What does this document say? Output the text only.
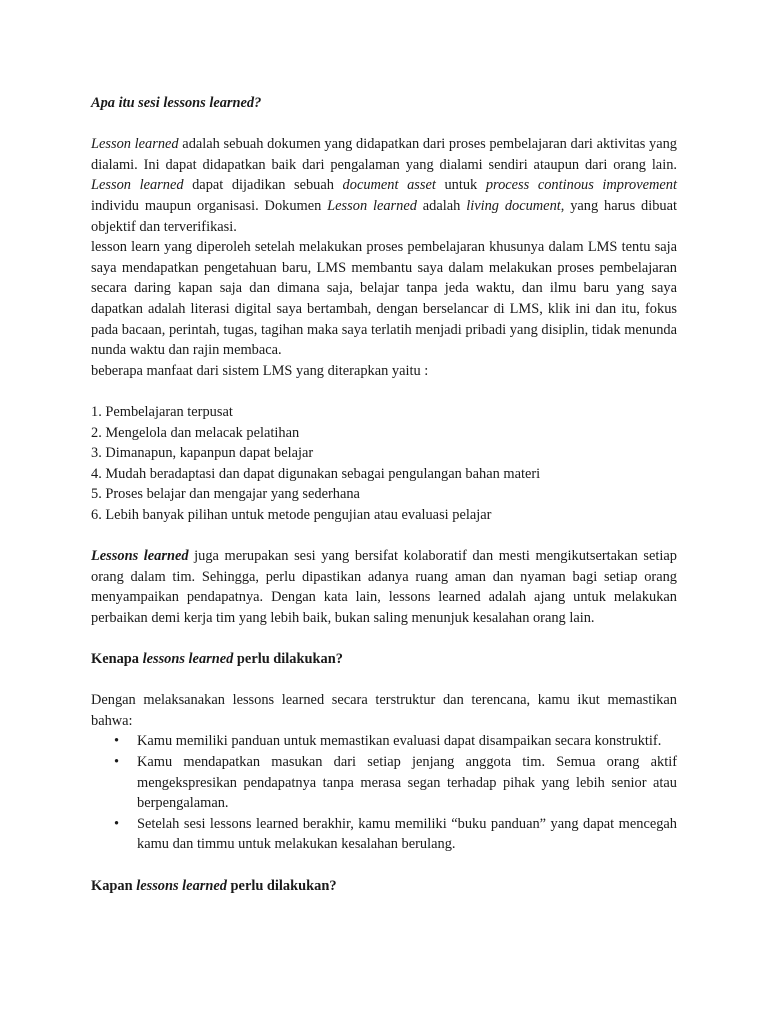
Apa itu sesi lessons learned?

Lesson learned adalah sebuah dokumen yang didapatkan dari proses pembelajaran dari aktivitas yang dialami. Ini dapat didapatkan baik dari pengalaman yang dialami sendiri ataupun dari orang lain. Lesson learned dapat dijadikan sebuah document asset untuk process continous improvement individu maupun organisasi. Dokumen Lesson learned adalah living document, yang harus dibuat objektif dan terverifikasi.

lesson learn yang diperoleh setelah melakukan proses pembelajaran khusunya dalam LMS tentu saja saya mendapatkan pengetahuan baru, LMS membantu saya dalam melakukan proses pembelajaran secara daring kapan saja dan dimana saja, belajar tanpa jeda waktu, dan ilmu baru yang saya dapatkan adalah literasi digital saya bertambah, dengan berselancar di LMS, klik ini dan itu, fokus pada bacaan, perintah, tugas, tagihan maka saya terlatih menjadi pribadi yang disiplin, tidak menunda nunda waktu dan rajin membaca.

beberapa manfaat dari sistem LMS yang diterapkan yaitu :

1. Pembelajaran terpusat
2. Mengelola dan melacak pelatihan
3. Dimanapun, kapanpun dapat belajar
4. Mudah beradaptasi dan dapat digunakan sebagai pengulangan bahan materi
5. Proses belajar dan mengajar yang sederhana
6. Lebih banyak pilihan untuk metode pengujian atau evaluasi pelajar

Lessons learned juga merupakan sesi yang bersifat kolaboratif dan mesti mengikutsertakan setiap orang dalam tim. Sehingga, perlu dipastikan adanya ruang aman dan nyaman bagi setiap orang menyampaikan pendapatnya. Dengan kata lain, lessons learned adalah ajang untuk melakukan perbaikan demi kerja tim yang lebih baik, bukan saling menunjuk kesalahan orang lain.

Kenapa lessons learned perlu dilakukan?

Dengan melaksanakan lessons learned secara terstruktur dan terencana, kamu ikut memastikan bahwa:

• Kamu memiliki panduan untuk memastikan evaluasi dapat disampaikan secara konstruktif.
• Kamu mendapatkan masukan dari setiap jenjang anggota tim. Semua orang aktif mengekspresikan pendapatnya tanpa merasa segan terhadap pihak yang lebih senior atau berpengalaman.
• Setelah sesi lessons learned berakhir, kamu memiliki “buku panduan” yang dapat mencegah kamu dan timmu untuk melakukan kesalahan berulang.

Kapan lessons learned perlu dilakukan?
